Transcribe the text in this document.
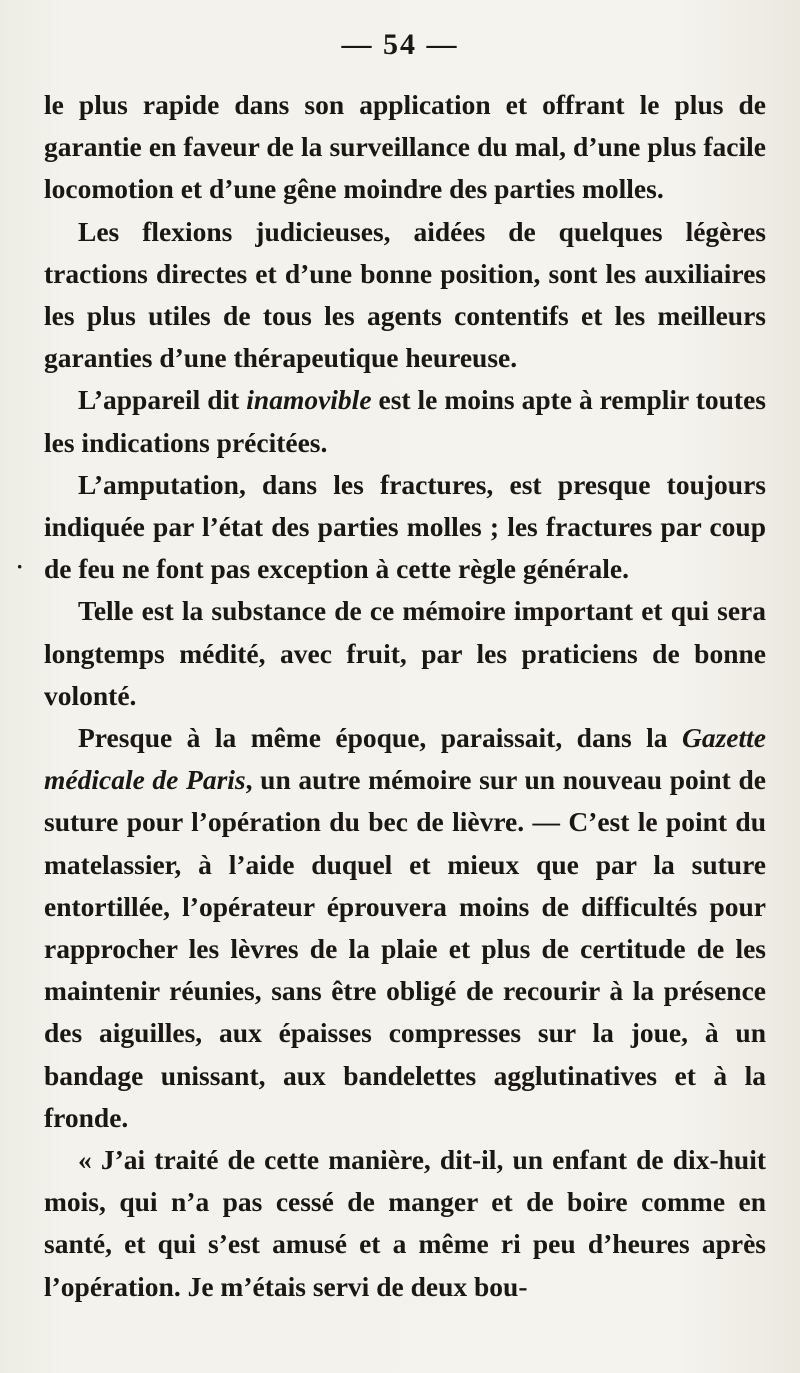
— 54 —
·

le plus rapide dans son application et offrant le plus de garantie en faveur de la surveillance du mal, d’une plus facile locomotion et d’une gêne moindre des parties molles.

Les flexions judicieuses, aidées de quelques légères tractions directes et d’une bonne position, sont les auxiliaires les plus utiles de tous les agents contentifs et les meilleurs garanties d’une thérapeutique heureuse.

L’appareil dit inamovible est le moins apte à remplir toutes les indications précitées.

L’amputation, dans les fractures, est presque toujours indiquée par l’état des parties molles ; les fractures par coup de feu ne font pas exception à cette règle générale.

Telle est la substance de ce mémoire important et qui sera longtemps médité, avec fruit, par les praticiens de bonne volonté.

Presque à la même époque, paraissait, dans la Gazette médicale de Paris, un autre mémoire sur un nouveau point de suture pour l’opération du bec de lièvre. — C’est le point du matelassier, à l’aide duquel et mieux que par la suture entortillée, l’opérateur éprouvera moins de difficultés pour rapprocher les lèvres de la plaie et plus de certitude de les maintenir réunies, sans être obligé de recourir à la présence des aiguilles, aux épaisses compresses sur la joue, à un bandage unissant, aux bandelettes agglutinatives et à la fronde.

« J’ai traité de cette manière, dit-il, un enfant de dix-huit mois, qui n’a pas cessé de manger et de boire comme en santé, et qui s’est amusé et a même ri peu d’heures après l’opération. Je m’étais servi de deux bou-
